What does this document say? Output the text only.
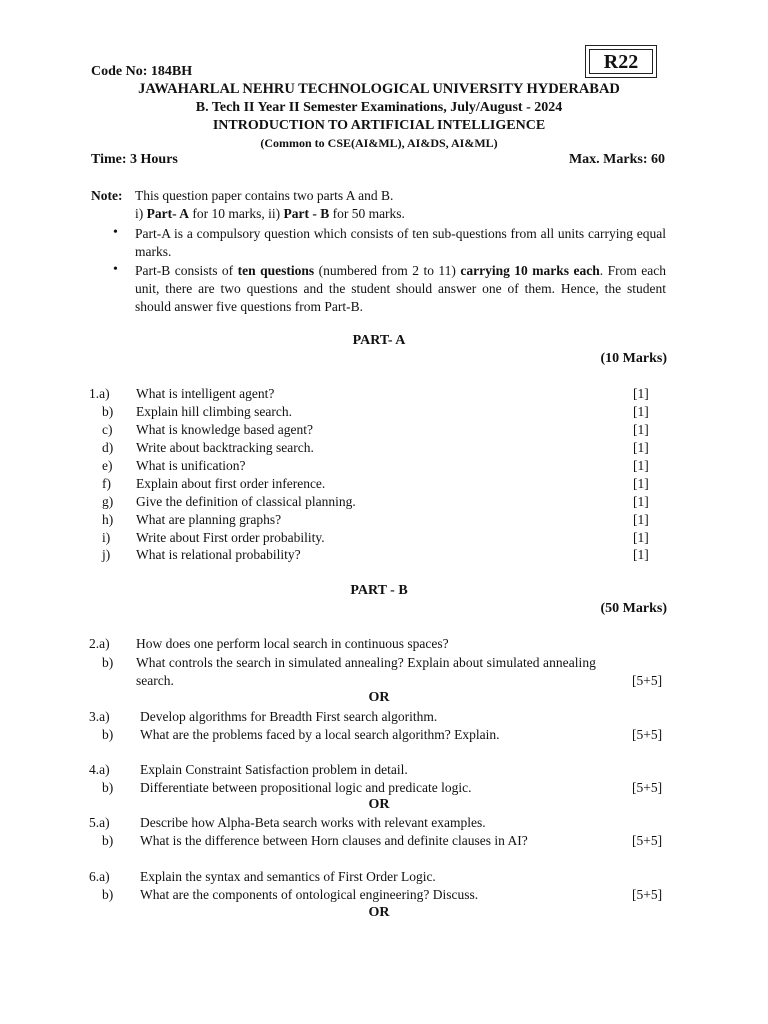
R22
Code No: 184BH
JAWAHARLAL NEHRU TECHNOLOGICAL UNIVERSITY HYDERABAD
B. Tech II Year II Semester Examinations, July/August - 2024
INTRODUCTION TO ARTIFICIAL INTELLIGENCE
(Common to CSE(AI&ML), AI&DS, AI&ML)
Time: 3 Hours	Max. Marks: 60
Note: This question paper contains two parts A and B.
i) Part- A for 10 marks, ii) Part - B for 50 marks.
• Part-A is a compulsory question which consists of ten sub-questions from all units carrying equal marks.
• Part-B consists of ten questions (numbered from 2 to 11) carrying 10 marks each. From each unit, there are two questions and the student should answer one of them. Hence, the student should answer five questions from Part-B.
PART- A
(10 Marks)
1.a) What is intelligent agent?	[1]
b) Explain hill climbing search.	[1]
c) What is knowledge based agent?	[1]
d) Write about backtracking search.	[1]
e) What is unification?	[1]
f) Explain about first order inference.	[1]
g) Give the definition of classical planning.	[1]
h) What are planning graphs?	[1]
i) Write about First order probability.	[1]
j) What is relational probability?	[1]
PART - B
(50 Marks)
2.a) How does one perform local search in continuous spaces?
b) What controls the search in simulated annealing? Explain about simulated annealing
search.	[5+5]
OR
3.a) Develop algorithms for Breadth First search algorithm.
b) What are the problems faced by a local search algorithm? Explain.	[5+5]
4.a) Explain Constraint Satisfaction problem in detail.
b) Differentiate between propositional logic and predicate logic.	[5+5]
OR
5.a) Describe how Alpha-Beta search works with relevant examples.
b) What is the difference between Horn clauses and definite clauses in AI?	[5+5]
6.a) Explain the syntax and semantics of First Order Logic.
b) What are the components of ontological engineering? Discuss.	[5+5]
OR
